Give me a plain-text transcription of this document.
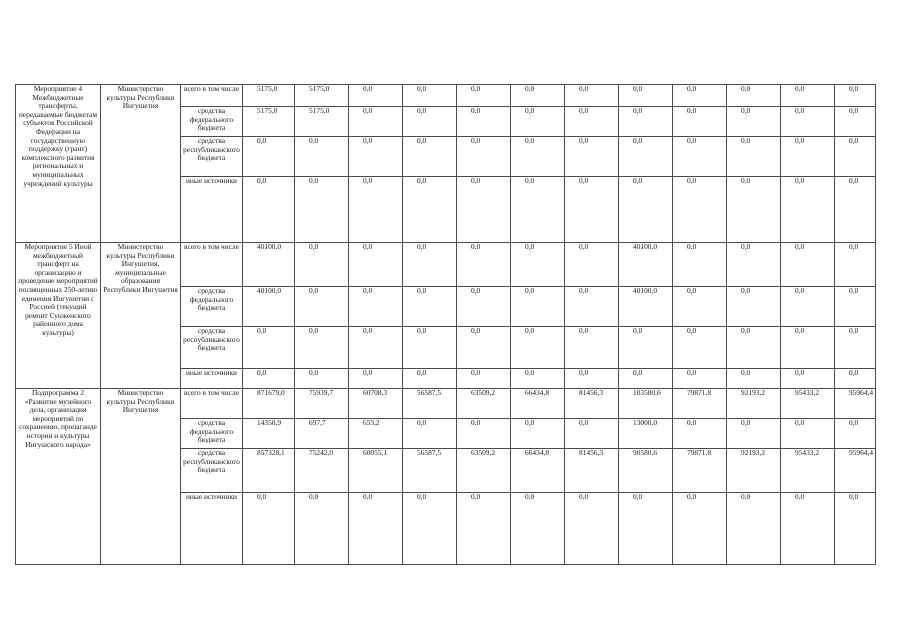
Мероприятие 4 Межбюджетные трансферты, передаваемые бюджетам субъектов Российской Федерации на государственную поддержку (грант) комплексного развития региональных и муниципальных учреждений культуры	Министерство культуры Республики Ингушетия	всего в том числе	5175,0	5175,0	0,0	0,0	0,0	0,0	0,0	0,0	0,0	0,0	0,0	0,0
		средства федерального бюджета	5175,0	5175,0	0,0	0,0	0,0	0,0	0,0	0,0	0,0	0,0	0,0	0,0
		средства республиканского бюджета	0,0	0,0	0,0	0,0	0,0	0,0	0,0	0,0	0,0	0,0	0,0	0,0
		иные источники	0,0	0,0	0,0	0,0	0,0	0,0	0,0	0,0	0,0	0,0	0,0	0,0
Мероприятие 5 Иной межбюджетный трансферт на организацию и проведение мероприятий посвященных 250-летию единения Ингушетии с Россией (текущий ремонт Сунженского районного дома культуры)	Министерство культуры Республики Ингушетия, муниципальные образования Республики Ингушетия	всего в том числе	40100,0	0,0	0,0	0,0	0,0	0,0	0,0	40100,0	0,0	0,0	0,0	0,0
		средства федерального бюджета	40100,0	0,0	0,0	0,0	0,0	0,0	0,0	40100,0	0,0	0,0	0,0	0,0
		средства республиканского бюджета	0,0	0,0	0,0	0,0	0,0	0,0	0,0	0,0	0,0	0,0	0,0	0,0
		иные источники	0,0	0,0	0,0	0,0	0,0	0,0	0,0	0,0	0,0	0,0	0,0	0,0
Подпрограмма 2 «Развитие музейного дела, организация мероприятий по сохранению, пропаганде истории и культуры Ингушского народа»	Министерство культуры Республики Ингушетия	всего в том числе	871679,0	75939,7	60708,3	56587,5	63509,2	66434,8	81456,3	103580,6	79871,8	92193,2	95433,2	95964,4
		средства федерального бюджета	14350,9	697,7	653,2	0,0	0,0	0,0	0,0	13000,0	0,0	0,0	0,0	0,0
		средства республиканского бюджета	857328,1	75242,0	60055,1	56587,5	63509,2	66434,8	81456,3	90580,6	79871,8	92193,2	95433,2	95964,4
		иные источники	0,0	0,0	0,0	0,0	0,0	0,0	0,0	0,0	0,0	0,0	0,0	0,0
